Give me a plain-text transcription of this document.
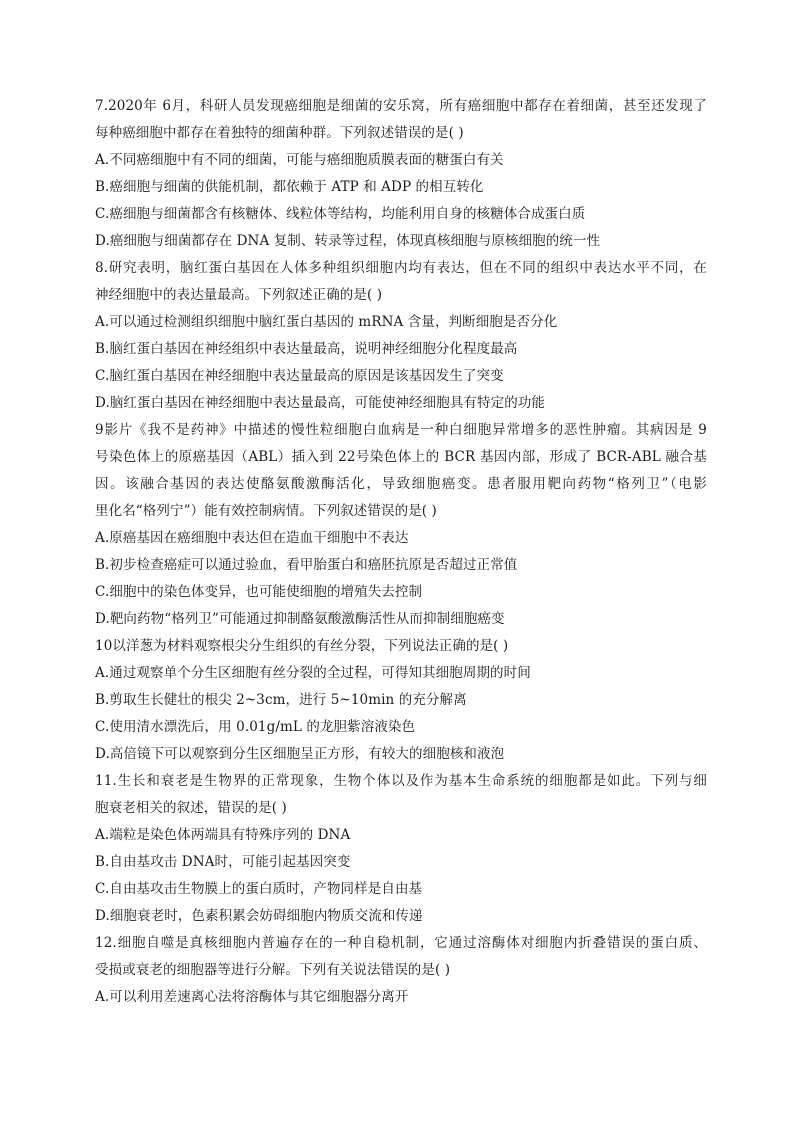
7.2020年 6月，科研人员发现癌细胞是细菌的安乐窝，所有癌细胞中都存在着细菌，甚至还发现了
每种癌细胞中都存在着独特的细菌种群。下列叙述错误的是( )
A.不同癌细胞中有不同的细菌，可能与癌细胞质膜表面的糖蛋白有关
B.癌细胞与细菌的供能机制，都依赖于 ATP 和 ADP 的相互转化
C.癌细胞与细菌都含有核糖体、线粒体等结构，均能利用自身的核糖体合成蛋白质
D.癌细胞与细菌都存在 DNA 复制、转录等过程，体现真核细胞与原核细胞的统一性
8.研究表明，脑红蛋白基因在人体多种组织细胞内均有表达，但在不同的组织中表达水平不同，在
神经细胞中的表达量最高。下列叙述正确的是( )
A.可以通过检测组织细胞中脑红蛋白基因的 mRNA 含量，判断细胞是否分化
B.脑红蛋白基因在神经组织中表达量最高，说明神经细胞分化程度最高
C.脑红蛋白基因在神经细胞中表达量最高的原因是该基因发生了突变
D.脑红蛋白基因在神经细胞中表达量最高，可能使神经细胞具有特定的功能
9影片《我不是药神》中描述的慢性粒细胞白血病是一种白细胞异常增多的恶性肿瘤。其病因是 9
号染色体上的原癌基因（ABL）插入到 22号染色体上的 BCR 基因内部，形成了 BCR-ABL 融合基
因。该融合基因的表达使酪氨酸激酶活化，导致细胞癌变。患者服用靶向药物“格列卫”（电影
里化名“格列宁”）能有效控制病情。下列叙述错误的是( )
A.原癌基因在癌细胞中表达但在造血干细胞中不表达
B.初步检查癌症可以通过验血，看甲胎蛋白和癌胚抗原是否超过正常值
C.细胞中的染色体变异，也可能使细胞的增殖失去控制
D.靶向药物“格列卫”可能通过抑制酪氨酸激酶活性从而抑制细胞癌变
10以洋葱为材料观察根尖分生组织的有丝分裂，下列说法正确的是( )
A.通过观察单个分生区细胞有丝分裂的全过程，可得知其细胞周期的时间
B.剪取生长健壮的根尖 2~3cm，进行 5~10min 的充分解离
C.使用清水漂洗后，用 0.01g/mL 的龙胆紫溶液染色
D.高倍镜下可以观察到分生区细胞呈正方形，有较大的细胞核和液泡
11.生长和衰老是生物界的正常现象，生物个体以及作为基本生命系统的细胞都是如此。下列与细
胞衰老相关的叙述，错误的是( )
A.端粒是染色体两端具有特殊序列的 DNA
B.自由基攻击 DNA时，可能引起基因突变
C.自由基攻击生物膜上的蛋白质时，产物同样是自由基
D.细胞衰老时，色素积累会妨碍细胞内物质交流和传递
12.细胞自噬是真核细胞内普遍存在的一种自稳机制，它通过溶酶体对细胞内折叠错误的蛋白质、
受损或衰老的细胞器等进行分解。下列有关说法错误的是( )
A.可以利用差速离心法将溶酶体与其它细胞器分离开
